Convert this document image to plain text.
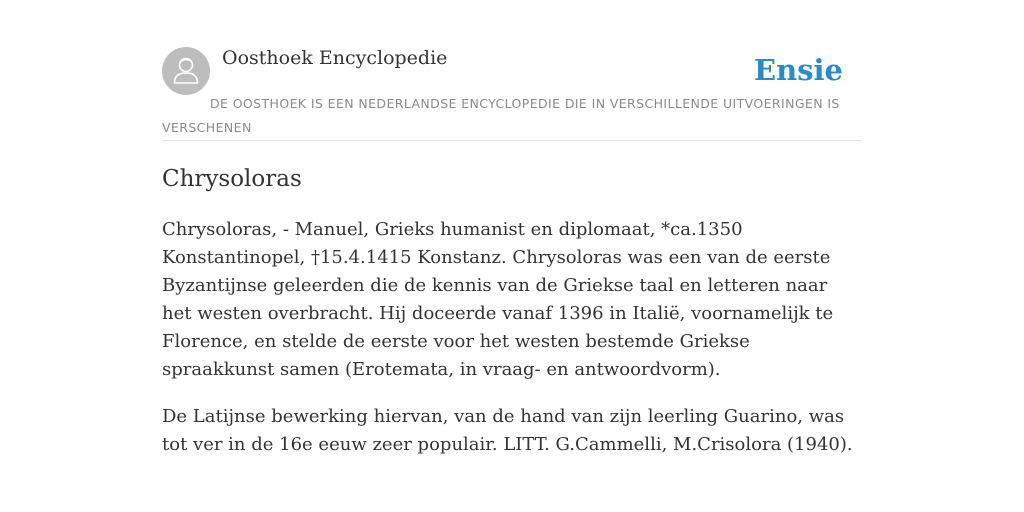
Oosthoek Encyclopedie	Ensie
DE OOSTHOEK IS EEN NEDERLANDSE ENCYCLOPEDIE DIE IN VERSCHILLENDE UITVOERINGEN IS VERSCHENEN
Chrysoloras

Chrysoloras, - Manuel, Grieks humanist en diplomaat, *ca.1350 Konstantinopel, †15.4.1415 Konstanz. Chrysoloras was een van de eerste Byzantijnse geleerden die de kennis van de Griekse taal en letteren naar het westen overbracht. Hij doceerde vanaf 1396 in Italië, voornamelijk te Florence, en stelde de eerste voor het westen bestemde Griekse spraakkunst samen (Erotemata, in vraag- en antwoordvorm).

De Latijnse bewerking hiervan, van de hand van zijn leerling Guarino, was tot ver in de 16e eeuw zeer populair. LITT. G.Cammelli, M.Crisolora (1940).
